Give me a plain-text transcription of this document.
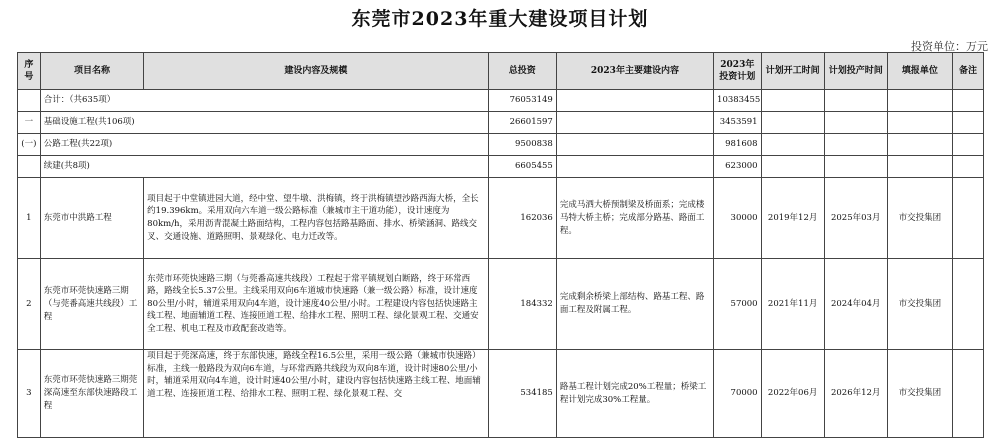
东莞市2023年重大建设项目计划
投资单位：万元
序号	项目名称	建设内容及规模	总投资	2023年主要建设内容	2023年投资计划	计划开工时间	计划投产时间	填报单位	备注
	合计：（共635项）		76053149		10383455				
一	基础设施工程(共106项)		26601597		3453591				
(一)	公路工程(共22项)		9500838		981608				
	续建(共8项)		6605455		623000				
1	东莞市中洪路工程	项目起于中堂镇进园大道，经中堂、望牛墩、洪梅镇，终于洪梅镇望沙路西海大桥，全长约19.396km。采用双向六车道一级公路标准（兼城市主干道功能），设计速度为80km/h，采用沥青混凝土路面结构，工程内容包括路基路面、排水、桥梁涵洞、路线交叉、交通设施、道路照明、景观绿化、电力迁改等。	162036	完成马洒大桥预制梁及桥面系；完成楼马特大桥主桥；完成部分路基、路面工程。	30000	2019年12月	2025年03月	市交投集团	
2	东莞市环莞快速路三期（与莞番高速共线段）工程	东莞市环莞快速路三期（与莞番高速共线段）工程起于常平镇规划白断路，终于环常西路，路线全长5.37公里。主线采用双向6车道城市快速路（兼一级公路）标准，设计速度80公里/小时，辅道采用双向4车道，设计速度40公里/小时。工程建设内容包括快速路主线工程、地面辅道工程、连接匝道工程、给排水工程、照明工程、绿化景观工程、交通安全工程、机电工程及市政配套改造等。	184332	完成剩余桥梁上部结构、路基工程、路面工程及附属工程。	57000	2021年11月	2024年04月	市交投集团	
3	东莞市环莞快速路三期莞深高速至东部快速路段工程	项目起于莞深高速，终于东部快速，路线全程16.5公里，采用一级公路（兼城市快速路）标准，主线一般路段为双向6车道，与环常西路共线段为双向8车道，设计时速80公里/小时，辅道采用双向4车道，设计时速40公里/小时，建设内容包括快速路主线工程、地面辅道工程、连接匝道工程、给排水工程、照明工程、绿化景观工程、交	534185	路基工程计划完成20%工程量；桥梁工程计划完成30%工程量。	70000	2022年06月	2026年12月	市交投集团	
